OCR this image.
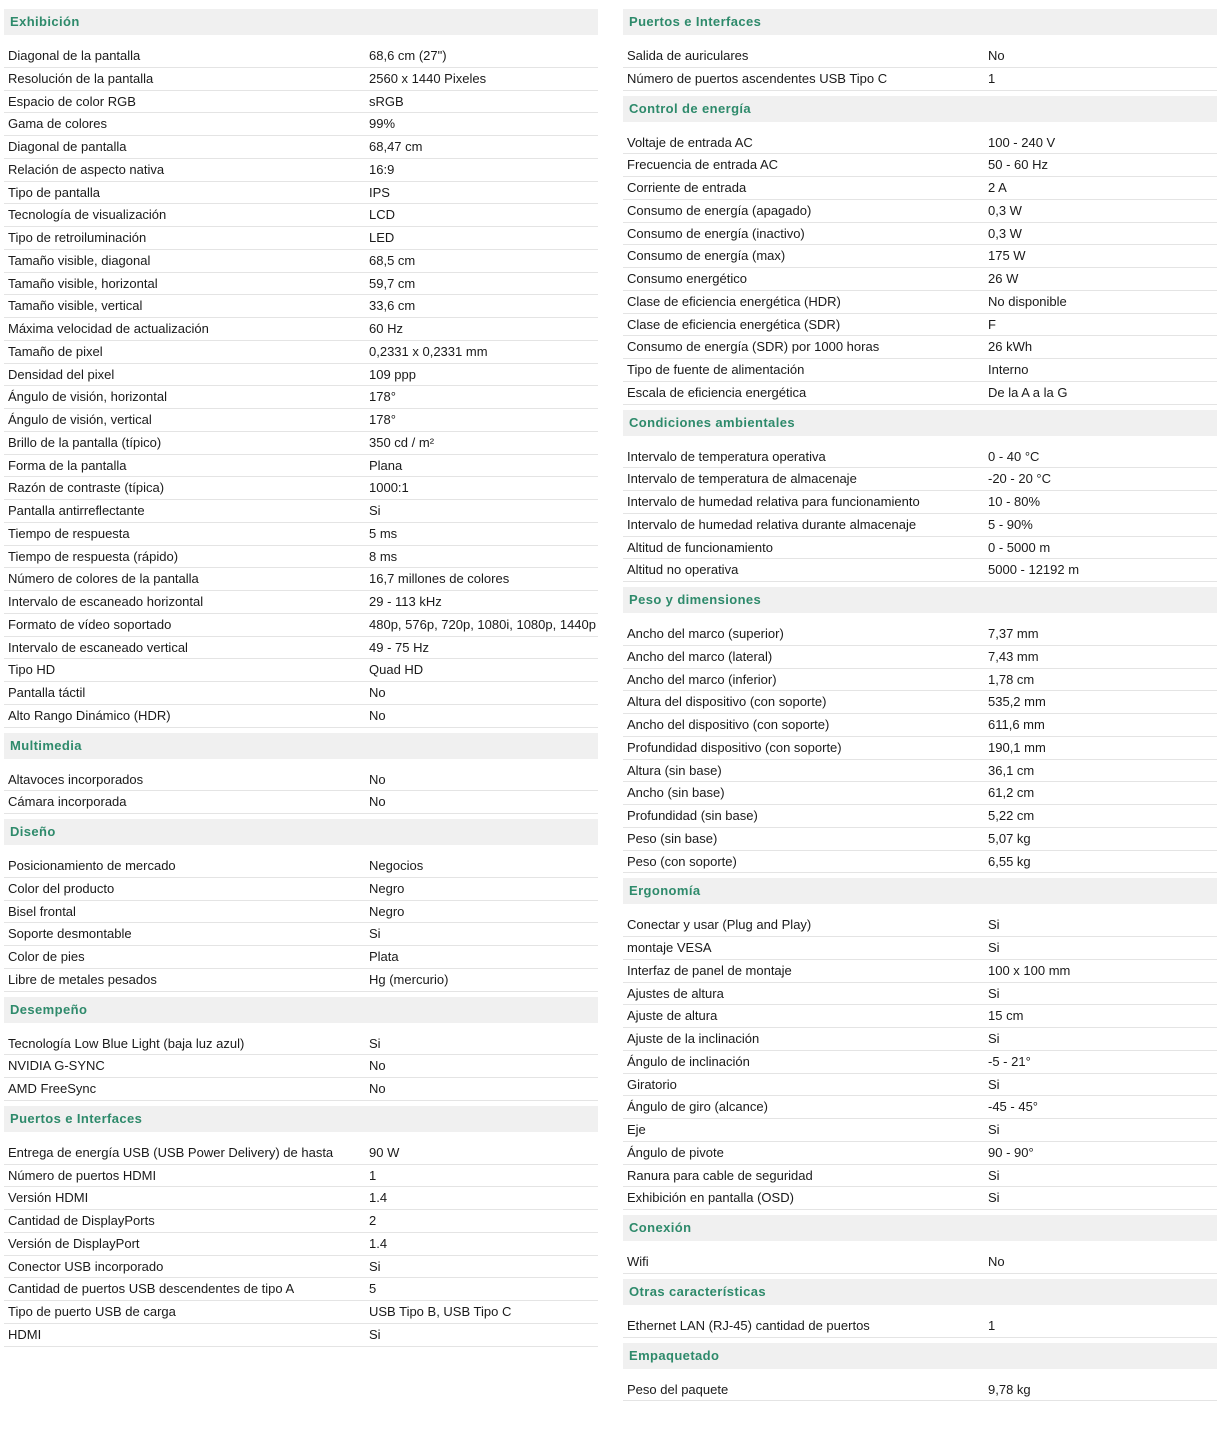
Exhibición
Diagonal de la pantalla	68,6 cm (27")
Resolución de la pantalla	2560 x 1440 Pixeles
Espacio de color RGB	sRGB
Gama de colores	99%
Diagonal de pantalla	68,47 cm
Relación de aspecto nativa	16:9
Tipo de pantalla	IPS
Tecnología de visualización	LCD
Tipo de retroiluminación	LED
Tamaño visible, diagonal	68,5 cm
Tamaño visible, horizontal	59,7 cm
Tamaño visible, vertical	33,6 cm
Máxima velocidad de actualización	60 Hz
Tamaño de pixel	0,2331 x 0,2331 mm
Densidad del pixel	109 ppp
Ángulo de visión, horizontal	178°
Ángulo de visión, vertical	178°
Brillo de la pantalla (típico)	350 cd / m²
Forma de la pantalla	Plana
Razón de contraste (típica)	1000:1
Pantalla antirreflectante	Si
Tiempo de respuesta	5 ms
Tiempo de respuesta (rápido)	8 ms
Número de colores de la pantalla	16,7 millones de colores
Intervalo de escaneado horizontal	29 - 113 kHz
Formato de vídeo soportado	480p, 576p, 720p, 1080i, 1080p, 1440p
Intervalo de escaneado vertical	49 - 75 Hz
Tipo HD	Quad HD
Pantalla táctil	No
Alto Rango Dinámico (HDR)	No
Multimedia
Altavoces incorporados	No
Cámara incorporada	No
Diseño
Posicionamiento de mercado	Negocios
Color del producto	Negro
Bisel frontal	Negro
Soporte desmontable	Si
Color de pies	Plata
Libre de metales pesados	Hg (mercurio)
Desempeño
Tecnología Low Blue Light (baja luz azul)	Si
NVIDIA G-SYNC	No
AMD FreeSync	No
Puertos e Interfaces
Entrega de energía USB (USB Power Delivery) de hasta	90 W
Número de puertos HDMI	1
Versión HDMI	1.4
Cantidad de DisplayPorts	2
Versión de DisplayPort	1.4
Conector USB incorporado	Si
Cantidad de puertos USB descendentes de tipo A	5
Tipo de puerto USB de carga	USB Tipo B, USB Tipo C
HDMI	Si
Puertos e Interfaces
Salida de auriculares	No
Número de puertos ascendentes USB Tipo C	1
Control de energía
Voltaje de entrada AC	100 - 240 V
Frecuencia de entrada AC	50 - 60 Hz
Corriente de entrada	2 A
Consumo de energía (apagado)	0,3 W
Consumo de energía (inactivo)	0,3 W
Consumo de energía (max)	175 W
Consumo energético	26 W
Clase de eficiencia energética (HDR)	No disponible
Clase de eficiencia energética (SDR)	F
Consumo de energía (SDR) por 1000 horas	26 kWh
Tipo de fuente de alimentación	Interno
Escala de eficiencia energética	De la A a la G
Condiciones ambientales
Intervalo de temperatura operativa	0 - 40 °C
Intervalo de temperatura de almacenaje	-20 - 20 °C
Intervalo de humedad relativa para funcionamiento	10 - 80%
Intervalo de humedad relativa durante almacenaje	5 - 90%
Altitud de funcionamiento	0 - 5000 m
Altitud no operativa	5000 - 12192 m
Peso y dimensiones
Ancho del marco (superior)	7,37 mm
Ancho del marco (lateral)	7,43 mm
Ancho del marco (inferior)	1,78 cm
Altura del dispositivo (con soporte)	535,2 mm
Ancho del dispositivo (con soporte)	611,6 mm
Profundidad dispositivo (con soporte)	190,1 mm
Altura (sin base)	36,1 cm
Ancho (sin base)	61,2 cm
Profundidad (sin base)	5,22 cm
Peso (sin base)	5,07 kg
Peso (con soporte)	6,55 kg
Ergonomía
Conectar y usar (Plug and Play)	Si
montaje VESA	Si
Interfaz de panel de montaje	100 x 100 mm
Ajustes de altura	Si
Ajuste de altura	15 cm
Ajuste de la inclinación	Si
Ángulo de inclinación	-5 - 21°
Giratorio	Si
Ángulo de giro (alcance)	-45 - 45°
Eje	Si
Ángulo de pivote	90 - 90°
Ranura para cable de seguridad	Si
Exhibición en pantalla (OSD)	Si
Conexión
Wifi	No
Otras características
Ethernet LAN (RJ-45) cantidad de puertos	1
Empaquetado
Peso del paquete	9,78 kg
